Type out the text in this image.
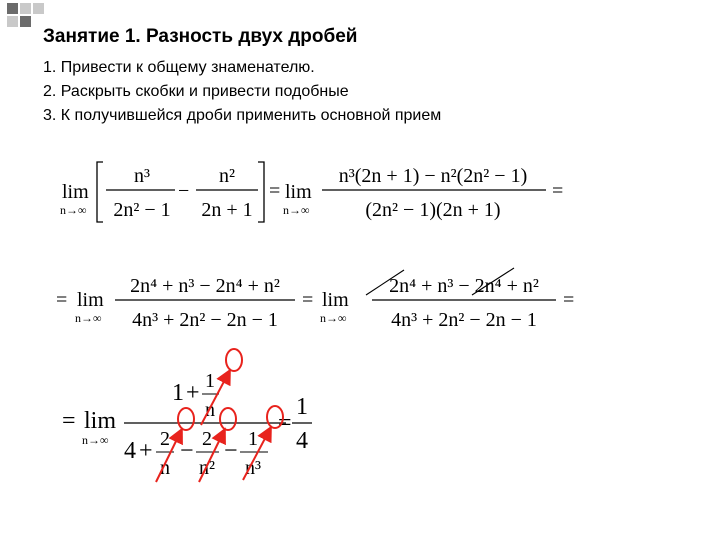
Занятие 1. Разность двух дробей
1. Привести к общему знаменателю.
2. Раскрыть скобки и привести подобные
3. К получившейся дроби применить основной прием
lim
n→∞
n³
2n² − 1
−
n²
2n + 1
= lim
n→∞
n³(2n + 1) − n²(2n² − 1)
(2n² − 1)(2n + 1)
=
= lim
n→∞
2n⁴ + n³ − 2n⁴ + n²
4n³ + 2n² − 2n − 1
= lim
n→∞
2n⁴ + n³ − 2n⁴ + n²
4n³ + 2n² − 2n − 1
=
= lim
n→∞
1 + 1
n
4 + 2
n
− 2
n²
− 1
n³
=
1
4
